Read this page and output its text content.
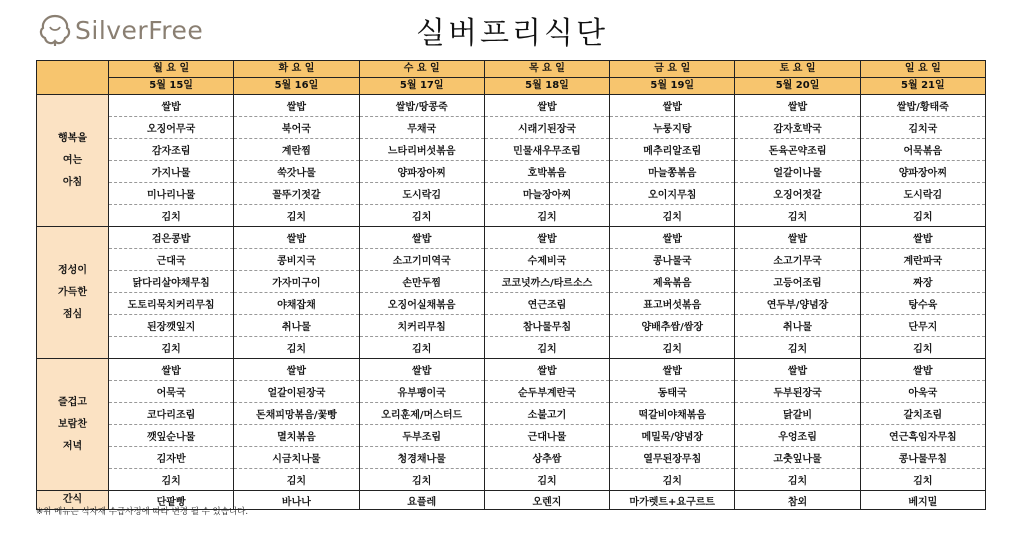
SilverFree	실버프리식단
	월 요 일	화 요 일	수 요 일	목 요 일	금 요 일	토 요 일	일 요 일
	5월 15일	5월 16일	5월 17일	5월 18일	5월 19일	5월 20일	5월 21일

행복을
여는
아침	쌀밥	쌀밥	쌀밥/땅콩죽	쌀밥	쌀밥	쌀밥	쌀밥/황태죽
	오징어무국	북어국	무채국	시래기된장국	누룽지탕	감자호박국	김치국
	감자조림	계란찜	느타리버섯볶음	민물새우무조림	메추리알조림	돈육곤약조림	어묵볶음
	가지나물	쑥갓나물	양파장아찌	호박볶음	마늘쫑볶음	얼갈이나물	양파장아찌
	미나리나물	꼴뚜기젓갈	도시락김	마늘장아찌	오이지무침	오징어젓갈	도시락김
	김치	김치	김치	김치	김치	김치	김치

정성이
가득한
점심	검은콩밥	쌀밥	쌀밥	쌀밥	쌀밥	쌀밥	쌀밥
	근대국	콩비지국	소고기미역국	수제비국	콩나물국	소고기무국	계란파국
	닭다리살야채무침	가자미구이	손만두찜	코코넛까스/타르소스	제육볶음	고등어조림	짜장
	도토리묵치커리무침	야채잡채	오징어실채볶음	연근조림	표고버섯볶음	연두부/양념장	탕수육
	된장깻잎지	취나물	치커리무침	참나물무침	양배추쌈/쌈장	취나물	단무지
	김치	김치	김치	김치	김치	김치	김치

즐겁고
보람찬
저녁	쌀밥	쌀밥	쌀밥	쌀밥	쌀밥	쌀밥	쌀밥
	어묵국	얼갈이된장국	유부팽이국	순두부계란국	동태국	두부된장국	아욱국
	코다리조림	돈채피망볶음/꽃빵	오리훈제/머스터드	소불고기	떡갈비야채볶음	닭갈비	갈치조림
	깻잎순나물	멸치볶음	두부조림	근대나물	메밀묵/양념장	우엉조림	연근흑임자무침
	김자반	시금치나물	청경채나물	상추쌈	열무된장무침	고춧잎나물	콩나물무침
	김치	김치	김치	김치	김치	김치	김치
간식	단팥빵	바나나	요플레	오렌지	마가렛트+요구르트	참외	베지밀
※위 메뉴는 식자재 수급사정에 따라 변경 될 수 있습니다.
